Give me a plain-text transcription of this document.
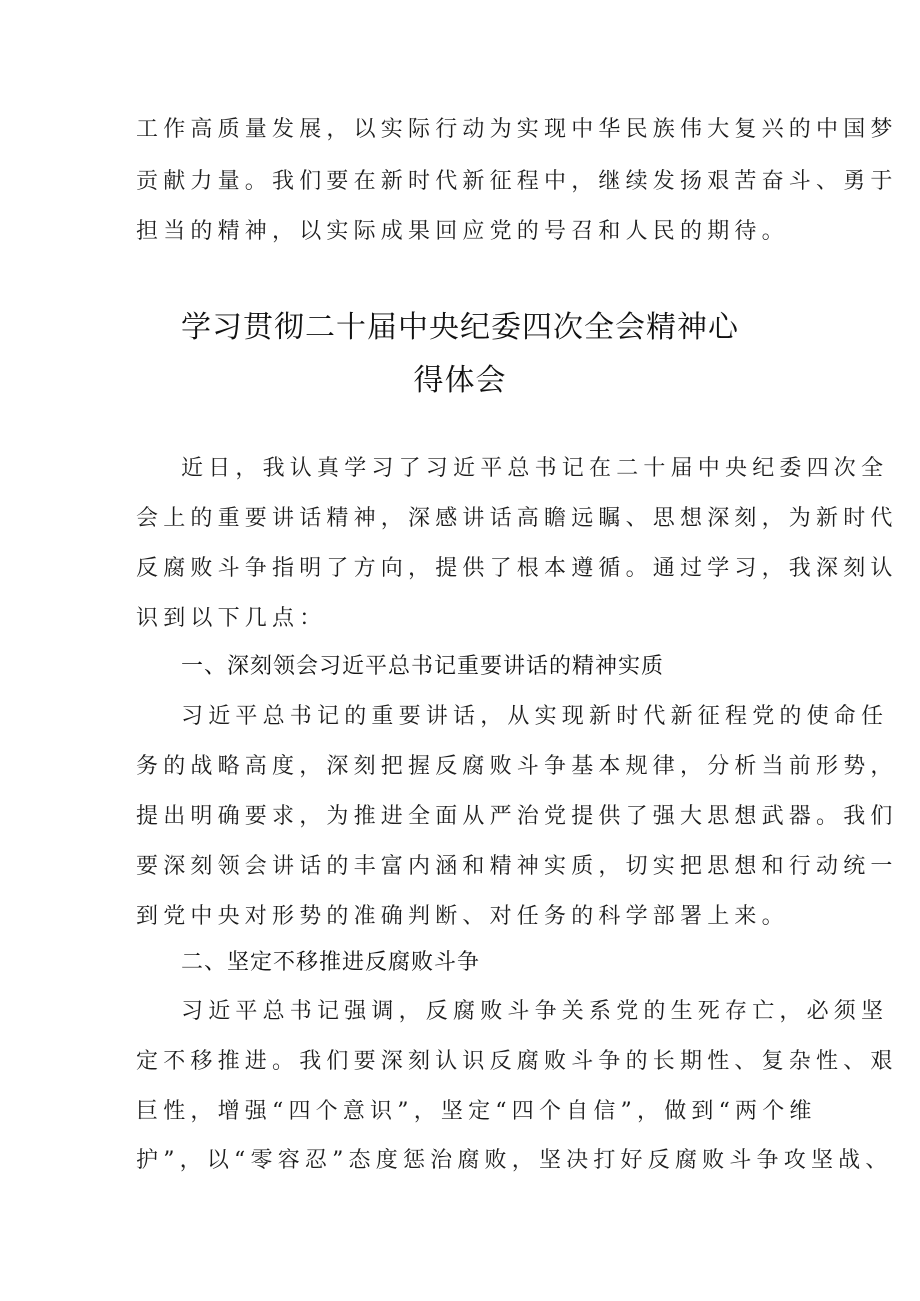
工作高质量发展，以实际行动为实现中华民族伟大复兴的中国梦
贡献力量。我们要在新时代新征程中，继续发扬艰苦奋斗、勇于
担当的精神，以实际成果回应党的号召和人民的期待。
学习贯彻二十届中央纪委四次全会精神心
得体会
近日，我认真学习了习近平总书记在二十届中央纪委四次全
会上的重要讲话精神，深感讲话高瞻远瞩、思想深刻，为新时代
反腐败斗争指明了方向，提供了根本遵循。通过学习，我深刻认
识到以下几点：
一、深刻领会习近平总书记重要讲话的精神实质
习近平总书记的重要讲话，从实现新时代新征程党的使命任
务的战略高度，深刻把握反腐败斗争基本规律，分析当前形势，
提出明确要求，为推进全面从严治党提供了强大思想武器。我们
要深刻领会讲话的丰富内涵和精神实质，切实把思想和行动统一
到党中央对形势的准确判断、对任务的科学部署上来。
二、坚定不移推进反腐败斗争
习近平总书记强调，反腐败斗争关系党的生死存亡，必须坚
定不移推进。我们要深刻认识反腐败斗争的长期性、复杂性、艰
巨性，增强“四个意识”，坚定“四个自信”，做到“两个维
护”，以“零容忍”态度惩治腐败，坚决打好反腐败斗争攻坚战、
